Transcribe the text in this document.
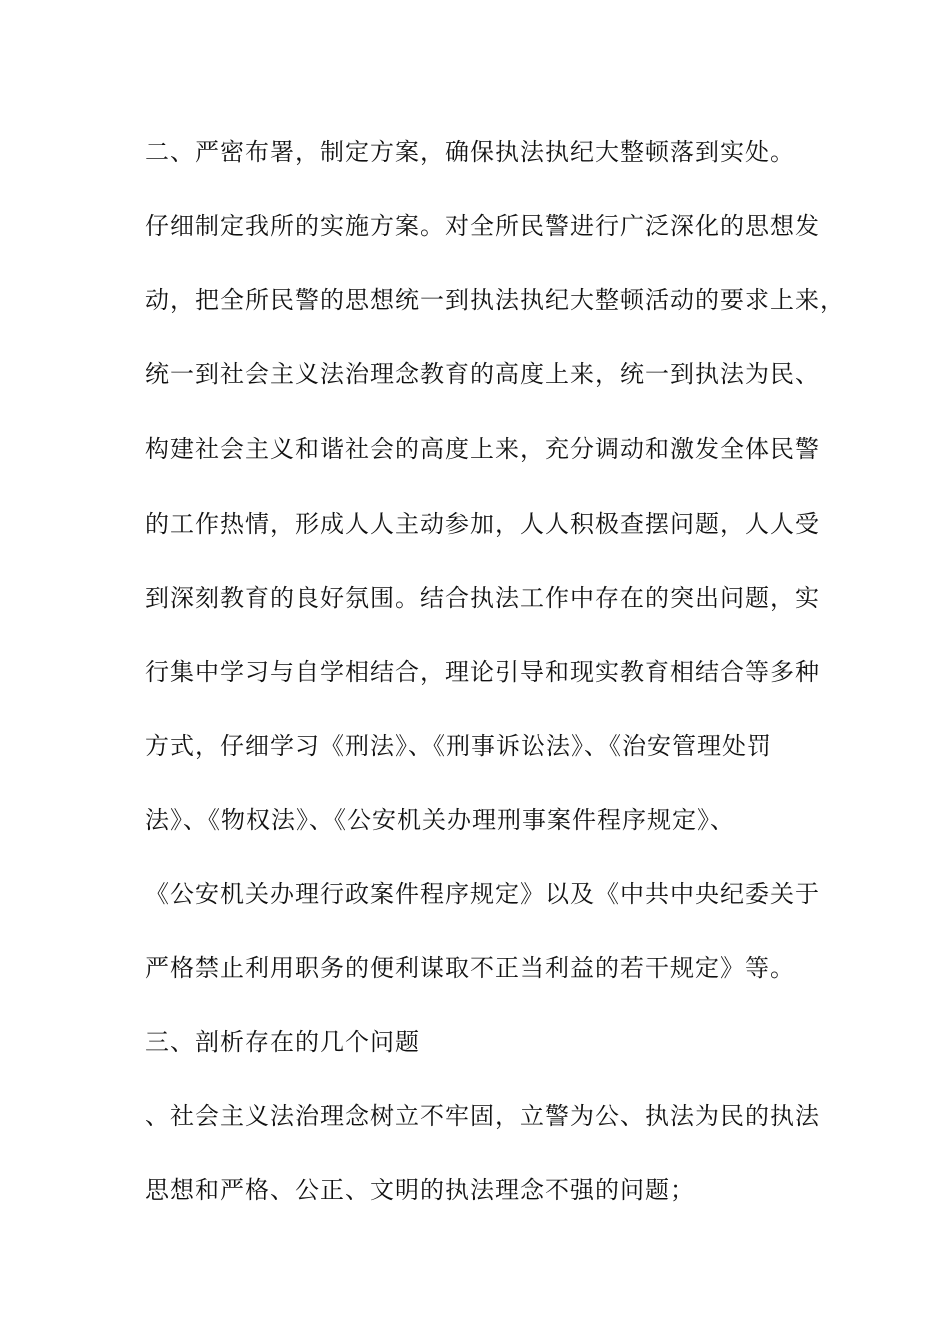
二、严密布署，制定方案，确保执法执纪大整顿落到实处。
仔细制定我所的实施方案。对全所民警进行广泛深化的思想发
动，把全所民警的思想统一到执法执纪大整顿活动的要求上来，
统一到社会主义法治理念教育的高度上来，统一到执法为民、
构建社会主义和谐社会的高度上来，充分调动和激发全体民警
的工作热情，形成人人主动参加，人人积极查摆问题，人人受
到深刻教育的良好氛围。结合执法工作中存在的突出问题，实
行集中学习与自学相结合，理论引导和现实教育相结合等多种
方式，仔细学习《刑法》、《刑事诉讼法》、《治安管理处罚
法》、《物权法》、《公安机关办理刑事案件程序规定》、
《公安机关办理行政案件程序规定》以及《中共中央纪委关于
严格禁止利用职务的便利谋取不正当利益的若干规定》等。
三、剖析存在的几个问题
、社会主义法治理念树立不牢固，立警为公、执法为民的执法
思想和严格、公正、文明的执法理念不强的问题；
